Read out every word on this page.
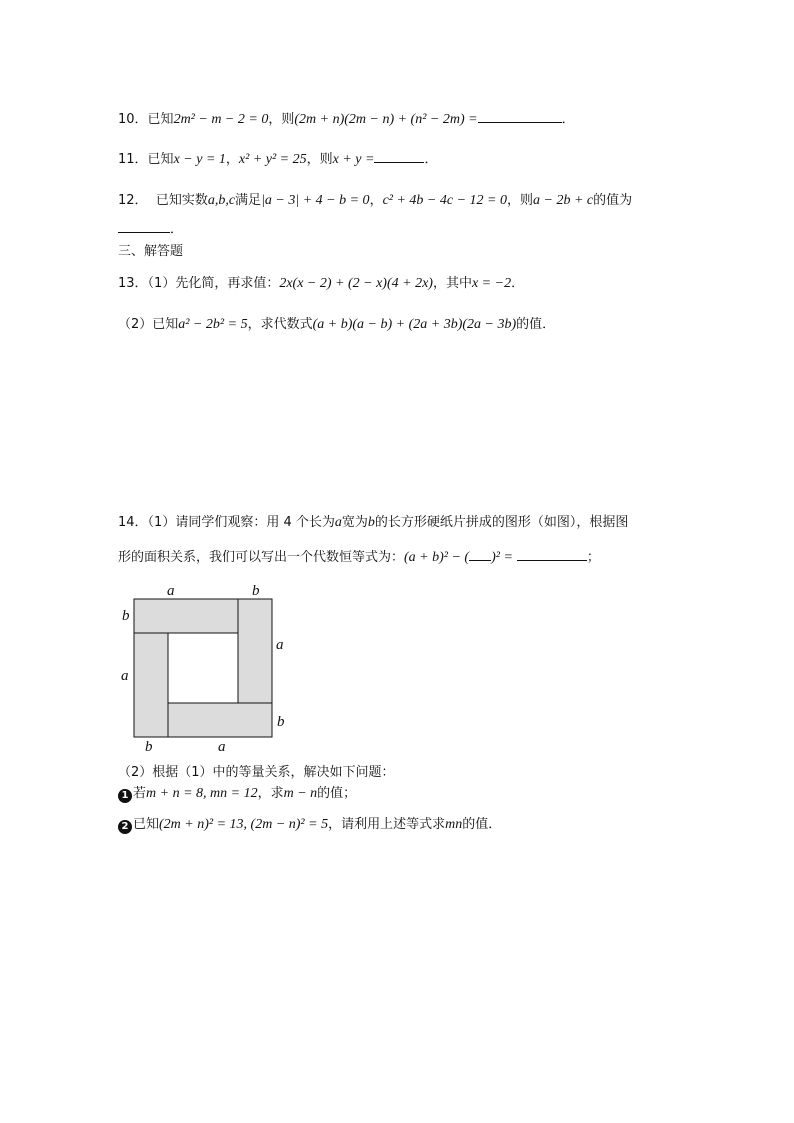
10．已知2m² − m − 2 = 0，则(2m + n)(2m − n) + (n² − 2m) =	．
11．已知x − y = 1，x² + y² = 25，则x + y =	．
12． 已知实数a,b,c满足|a − 3| + 4 − b = 0，c² + 4b − 4c − 12 = 0，则a − 2b + c的值为
．
三、解答题
13．（1）先化简，再求值：2x(x − 2) + (2 − x)(4 + 2x)，其中x = −2．
（2）已知a² − 2b² = 5，求代数式(a + b)(a − b) + (2a + 3b)(2a − 3b)的值．
14．（1）请同学们观察：用 4 个长为a宽为b的长方形硬纸片拼成的图形（如图），根据图
形的面积关系，我们可以写出一个代数恒等式为：(a + b)² − ( )² =	；
a	b
b
a
a
b
b	a
（2）根据（1）中的等量关系，解决如下问题：
1 若m + n = 8, mn = 12，求m − n的值；
2 已知(2m + n)² = 13, (2m − n)² = 5，请利用上述等式求mn的值．
